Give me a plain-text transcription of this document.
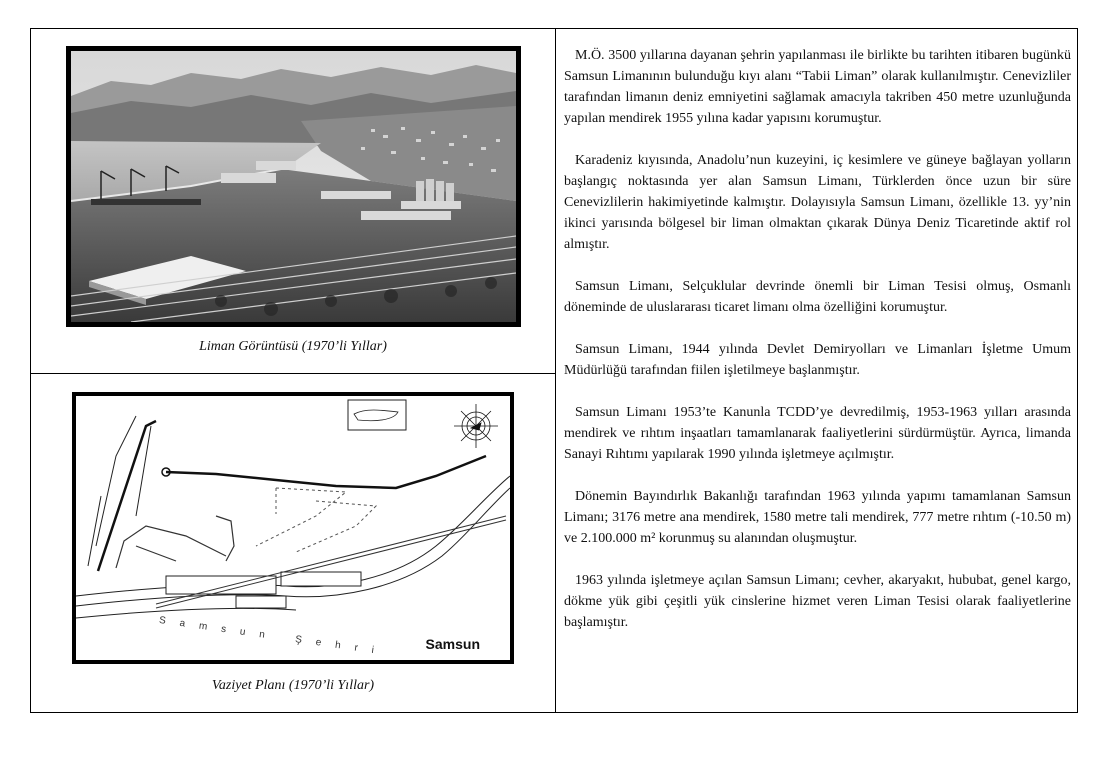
Liman Görüntüsü (1970’li Yıllar)
Samsun
Samsun Şehri
Vaziyet Planı (1970’li Yıllar)

M.Ö. 3500 yıllarına dayanan şehrin yapılanması ile birlikte bu tarihten itibaren bugünkü Samsun Limanının bulunduğu kıyı alanı “Tabii Liman” olarak kullanılmıştır. Cenevizliler tarafından limanın deniz emniyetini sağlamak amacıyla takriben 450 metre uzunluğunda yapılan mendirek 1955 yılına kadar yapısını korumuştur.

Karadeniz kıyısında, Anadolu’nun kuzeyini, iç kesimlere ve güneye bağlayan yolların başlangıç noktasında yer alan Samsun Limanı, Türklerden önce uzun bir süre Cenevizlilerin hakimiyetinde kalmıştır. Dolayısıyla Samsun Limanı, özellikle 13. yy’nin ikinci yarısında bölgesel bir liman olmaktan çıkarak Dünya Deniz Ticaretinde aktif rol almıştır.

Samsun Limanı, Selçuklular devrinde önemli bir Liman Tesisi olmuş, Osmanlı döneminde de uluslararası ticaret limanı olma özelliğini korumuştur.

Samsun Limanı, 1944 yılında Devlet Demiryolları ve Limanları İşletme Umum Müdürlüğü tarafından fiilen işletilmeye başlanmıştır.

Samsun Limanı 1953’te Kanunla TCDD’ye devredilmiş, 1953-1963 yılları arasında mendirek ve rıhtım inşaatları tamamlanarak faaliyetlerini sürdürmüştür. Ayrıca, limanda Sanayi Rıhtımı yapılarak 1990 yılında işletmeye açılmıştır.

Dönemin Bayındırlık Bakanlığı tarafından 1963 yılında yapımı tamamlanan Samsun Limanı; 3176 metre ana mendirek, 1580 metre tali mendirek, 777 metre rıhtım (-10.50 m) ve 2.100.000 m² korunmuş su alanından oluşmuştur.

1963 yılında işletmeye açılan Samsun Limanı; cevher, akaryakıt, hububat, genel kargo, dökme yük gibi çeşitli yük cinslerine hizmet veren Liman Tesisi olarak faaliyetlerine başlamıştır.
